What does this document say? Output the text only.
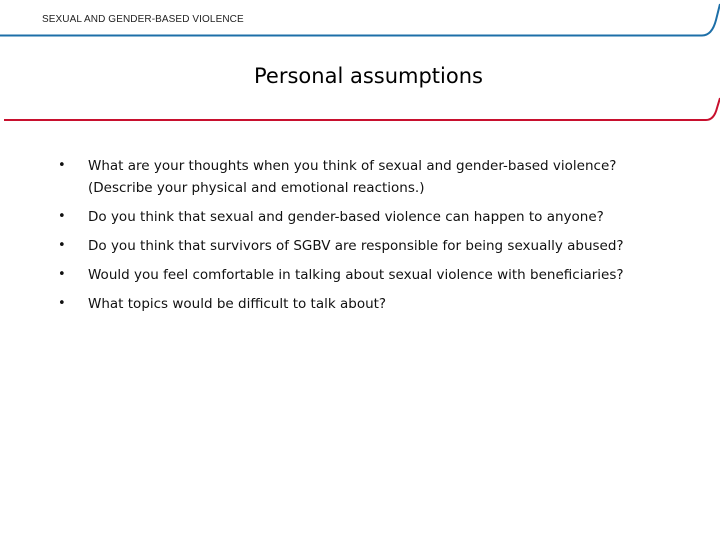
SEXUAL AND GENDER-BASED VIOLENCE
Personal assumptions
• What are your thoughts when you think of sexual and gender-based violence? (Describe your physical and emotional reactions.)
• Do you think that sexual and gender-based violence can happen to anyone?
• Do you think that survivors of SGBV are responsible for being sexually abused?
• Would you feel comfortable in talking about sexual violence with beneficiaries?
• What topics would be difficult to talk about?
